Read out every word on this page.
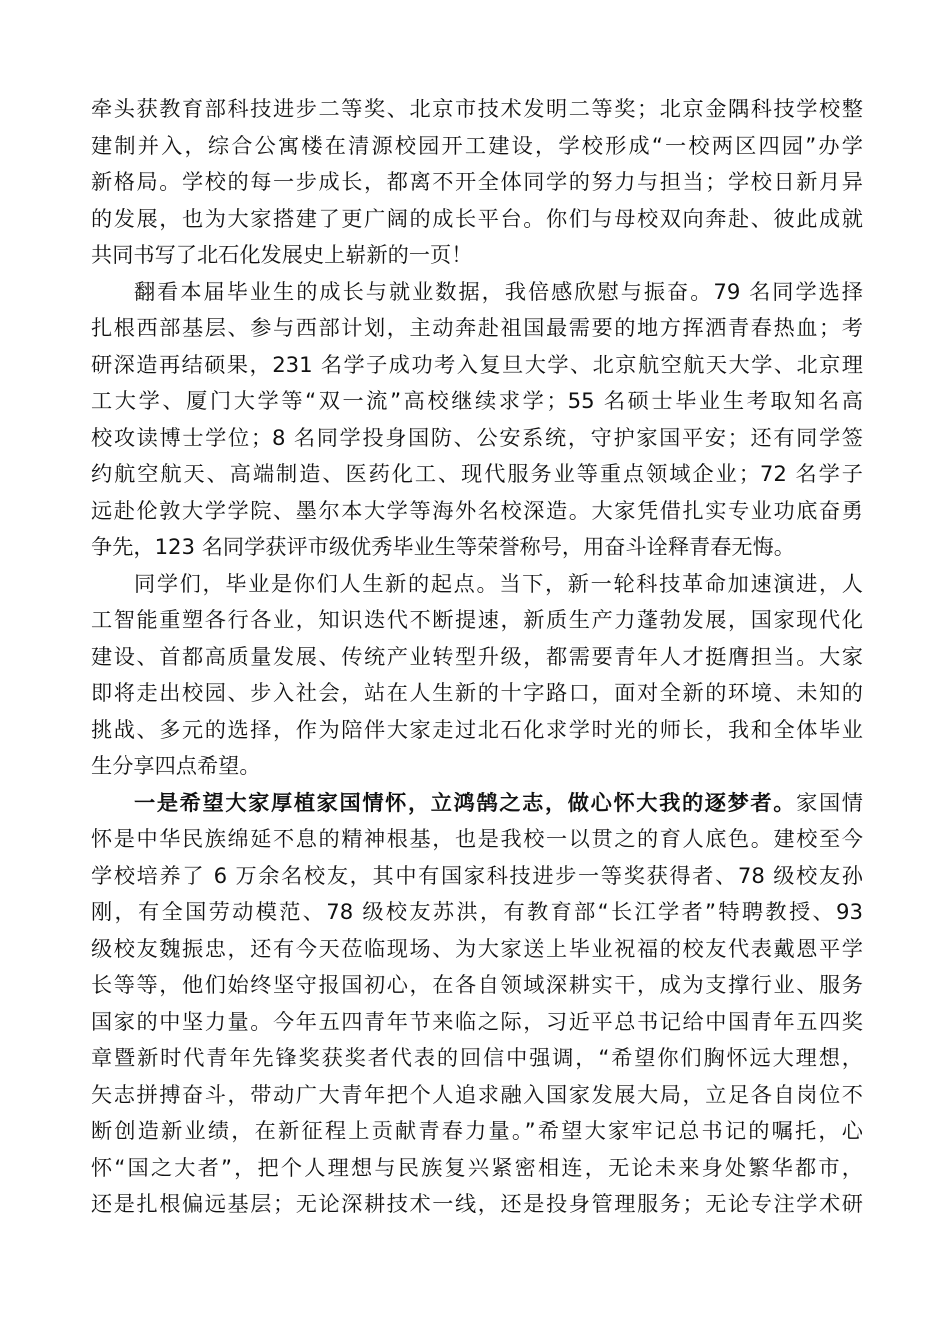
牵头获教育部科技进步二等奖、北京市技术发明二等奖；北京金隅科技学校整
建制并入，综合公寓楼在清源校园开工建设，学校形成“一校两区四园”办学
新格局。学校的每一步成长，都离不开全体同学的努力与担当；学校日新月异
的发展，也为大家搭建了更广阔的成长平台。你们与母校双向奔赴、彼此成就
共同书写了北石化发展史上崭新的一页！
翻看本届毕业生的成长与就业数据，我倍感欣慰与振奋。79 名同学选择
扎根西部基层、参与西部计划，主动奔赴祖国最需要的地方挥洒青春热血；考
研深造再结硕果，231 名学子成功考入复旦大学、北京航空航天大学、北京理
工大学、厦门大学等“双一流”高校继续求学；55 名硕士毕业生考取知名高
校攻读博士学位；8 名同学投身国防、公安系统，守护家国平安；还有同学签
约航空航天、高端制造、医药化工、现代服务业等重点领域企业；72 名学子
远赴伦敦大学学院、墨尔本大学等海外名校深造。大家凭借扎实专业功底奋勇
争先，123 名同学获评市级优秀毕业生等荣誉称号，用奋斗诠释青春无悔。
同学们，毕业是你们人生新的起点。当下，新一轮科技革命加速演进，人
工智能重塑各行各业，知识迭代不断提速，新质生产力蓬勃发展，国家现代化
建设、首都高质量发展、传统产业转型升级，都需要青年人才挺膺担当。大家
即将走出校园、步入社会，站在人生新的十字路口，面对全新的环境、未知的
挑战、多元的选择，作为陪伴大家走过北石化求学时光的师长，我和全体毕业
生分享四点希望。
一是希望大家厚植家国情怀，立鸿鹄之志，做心怀大我的逐梦者。家国情
怀是中华民族绵延不息的精神根基，也是我校一以贯之的育人底色。建校至今
学校培养了 6 万余名校友，其中有国家科技进步一等奖获得者、78 级校友孙
刚，有全国劳动模范、78 级校友苏洪，有教育部“长江学者”特聘教授、93
级校友魏振忠，还有今天莅临现场、为大家送上毕业祝福的校友代表戴恩平学
长等等，他们始终坚守报国初心，在各自领域深耕实干，成为支撑行业、服务
国家的中坚力量。今年五四青年节来临之际，习近平总书记给中国青年五四奖
章暨新时代青年先锋奖获奖者代表的回信中强调，“希望你们胸怀远大理想，
矢志拼搏奋斗，带动广大青年把个人追求融入国家发展大局，立足各自岗位不
断创造新业绩，在新征程上贡献青春力量。”希望大家牢记总书记的嘱托，心
怀“国之大者”，把个人理想与民族复兴紧密相连，无论未来身处繁华都市，
还是扎根偏远基层；无论深耕技术一线，还是投身管理服务；无论专注学术研
